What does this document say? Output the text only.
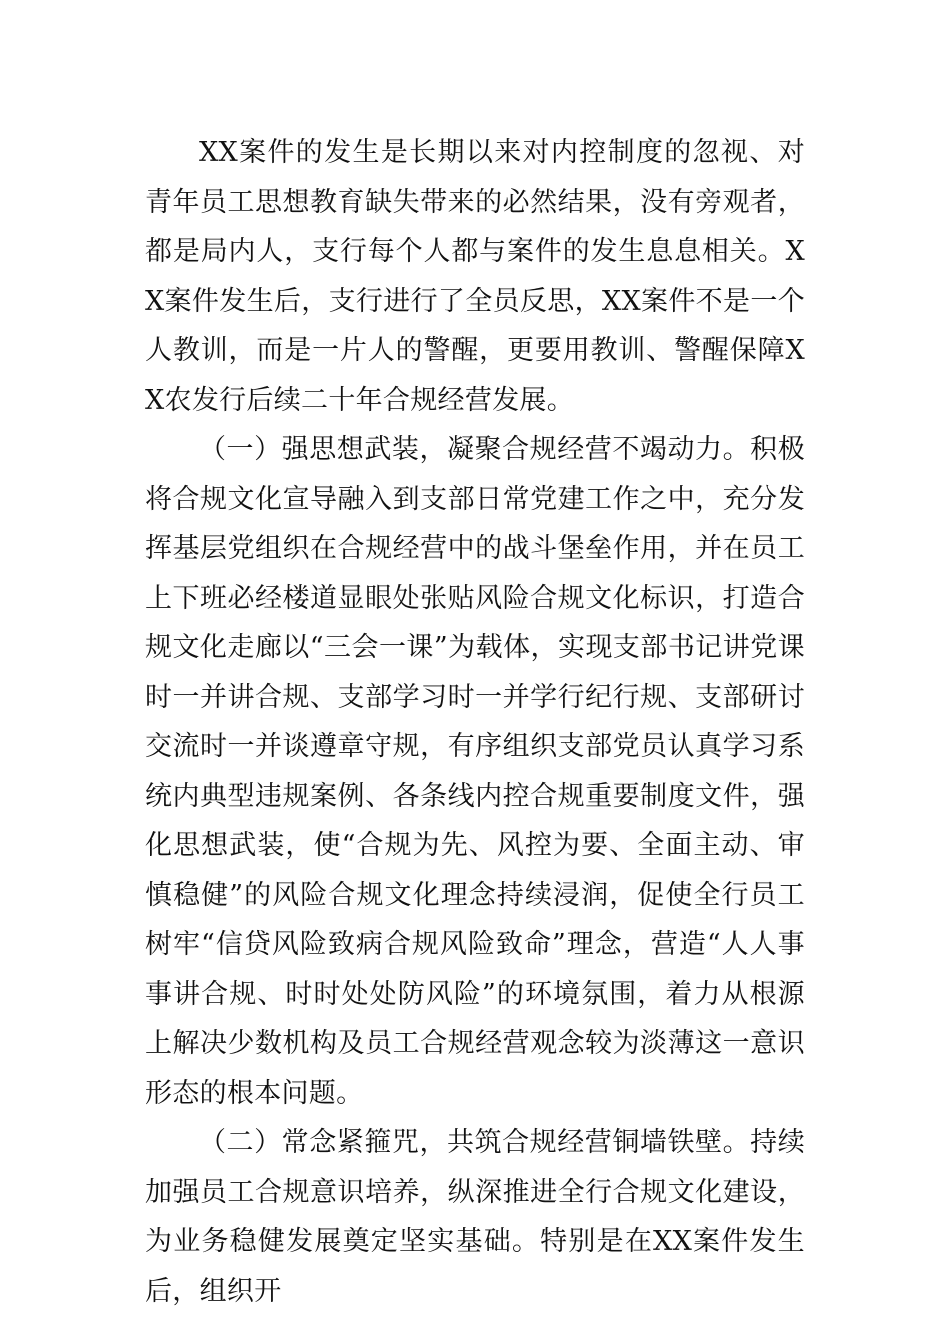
XX案件的发生是长期以来对内控制度的忽视、对青年员工思想教育缺失带来的必然结果，没有旁观者，都是局内人，支行每个人都与案件的发生息息相关。XX案件发生后，支行进行了全员反思，XX案件不是一个人教训，而是一片人的警醒，更要用教训、警醒保障XX农发行后续二十年合规经营发展。

（一）强思想武装，凝聚合规经营不竭动力。积极将合规文化宣导融入到支部日常党建工作之中，充分发挥基层党组织在合规经营中的战斗堡垒作用，并在员工上下班必经楼道显眼处张贴风险合规文化标识，打造合规文化走廊以“三会一课”为载体，实现支部书记讲党课时一并讲合规、支部学习时一并学行纪行规、支部研讨交流时一并谈遵章守规，有序组织支部党员认真学习系统内典型违规案例、各条线内控合规重要制度文件，强化思想武装，使“合规为先、风控为要、全面主动、审慎稳健”的风险合规文化理念持续浸润，促使全行员工树牢“信贷风险致病合规风险致命”理念，营造“人人事事讲合规、时时处处防风险”的环境氛围，着力从根源上解决少数机构及员工合规经营观念较为淡薄这一意识形态的根本问题。

（二）常念紧箍咒，共筑合规经营铜墙铁壁。持续加强员工合规意识培养，纵深推进全行合规文化建设，为业务稳健发展奠定坚实基础。特别是在XX案件发生后，组织开
